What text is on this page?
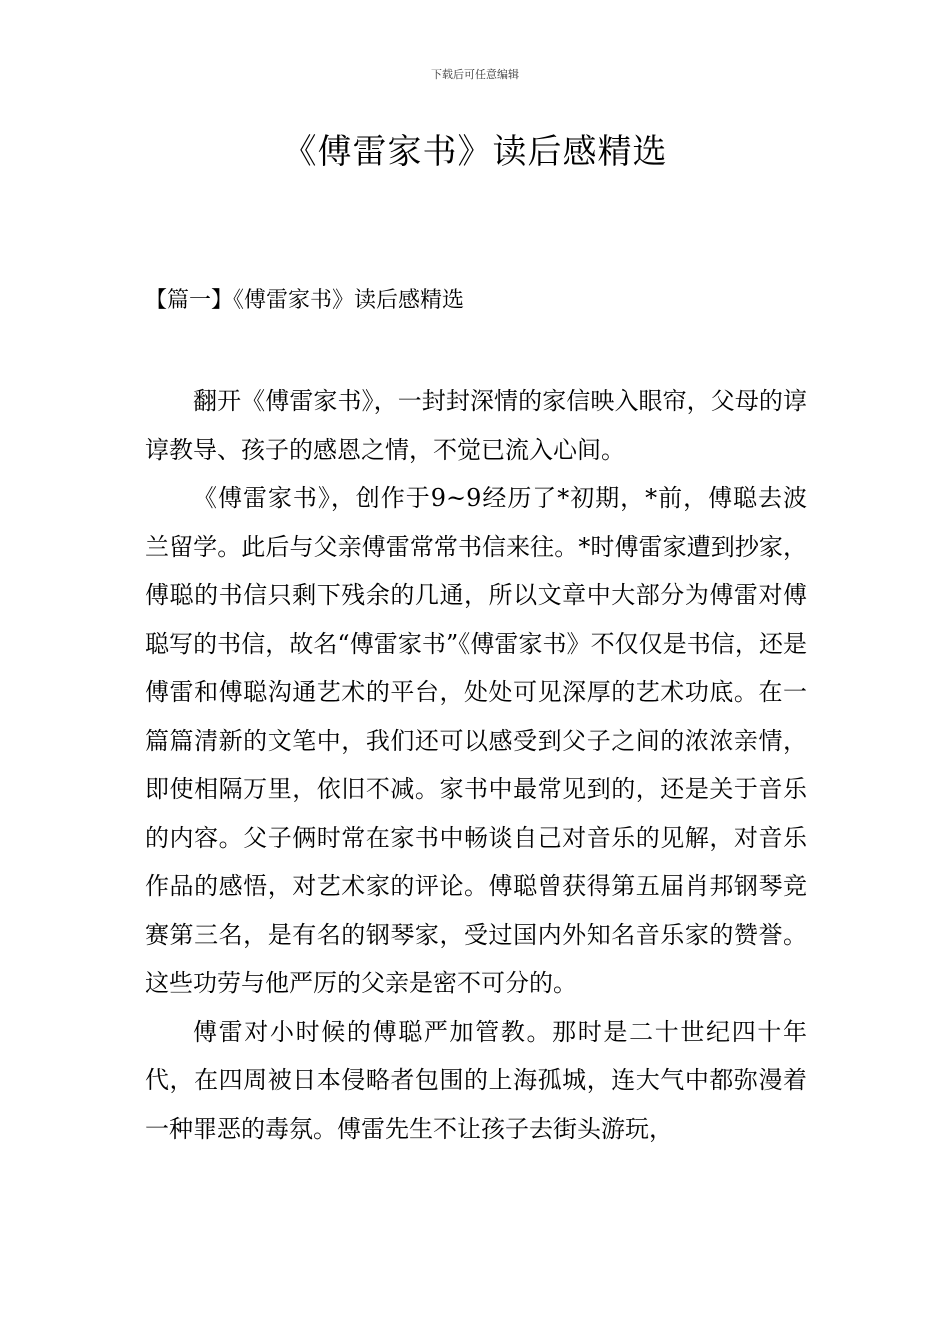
下载后可任意编辑
《傅雷家书》读后感精选
【篇一】《傅雷家书》读后感精选

翻开《傅雷家书》，一封封深情的家信映入眼帘，父母的谆谆教导、孩子的感恩之情，不觉已流入心间。

《傅雷家书》，创作于9~9经历了*初期，*前，傅聪去波兰留学。此后与父亲傅雷常常书信来往。*时傅雷家遭到抄家，傅聪的书信只剩下残余的几通，所以文章中大部分为傅雷对傅聪写的书信，故名“傅雷家书”《傅雷家书》不仅仅是书信，还是傅雷和傅聪沟通艺术的平台，处处可见深厚的艺术功底。在一篇篇清新的文笔中，我们还可以感受到父子之间的浓浓亲情，即使相隔万里，依旧不减。家书中最常见到的，还是关于音乐的内容。父子俩时常在家书中畅谈自己对音乐的见解，对音乐作品的感悟，对艺术家的评论。傅聪曾获得第五届肖邦钢琴竞赛第三名，是有名的钢琴家，受过国内外知名音乐家的赞誉。这些功劳与他严厉的父亲是密不可分的。

傅雷对小时候的傅聪严加管教。那时是二十世纪四十年代，在四周被日本侵略者包围的上海孤城，连大气中都弥漫着一种罪恶的毒氛。傅雷先生不让孩子去街头游玩，
